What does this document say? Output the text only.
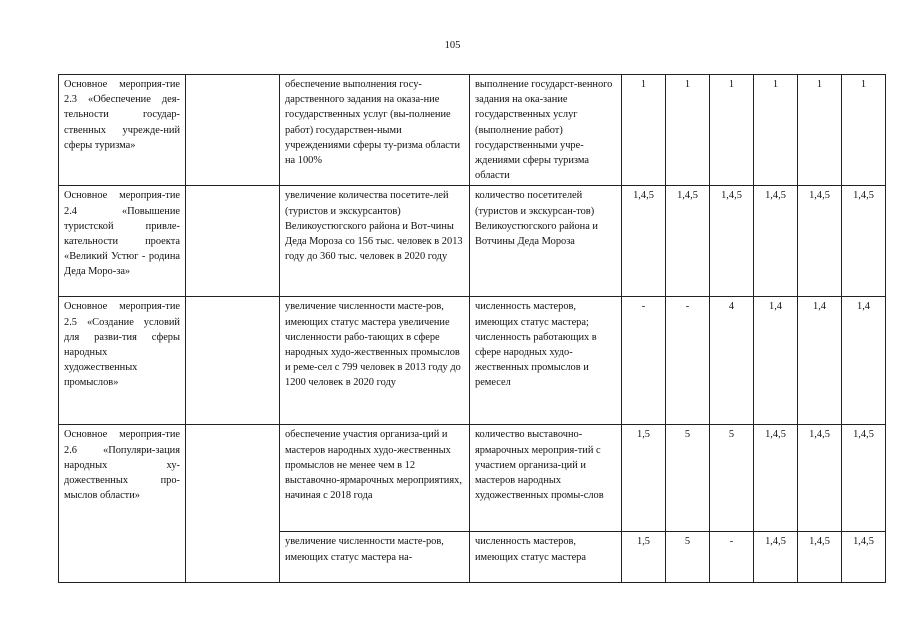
105
Основное мероприя-тие 2.3 «Обеспечение дея-тельности государ-ственных учрежде-ний сферы туризма»		обеспечение выполнения госу-дарственного задания на оказа-ние государственных услуг (вы-полнение работ) государствен-ными учреждениями сферы ту-ризма области на 100%	выполнение государст-венного задания на ока-зание государственных услуг (выполнение работ) государственными учре-ждениями сферы туризма области	1	1	1	1	1	1
Основное мероприя-тие 2.4 «Повышение туристской привле-кательности проекта «Великий Устюг - родина Деда Моро-за»		увеличение количества посетите-лей (туристов и экскурсантов) Великоустюгского района и Вот-чины Деда Мороза со 156 тыс. человек в 2013 году до 360 тыс. человек в 2020 году	количество посетителей (туристов и экскурсан-тов) Великоустюгского района и Вотчины Деда Мороза	1,4,5	1,4,5	1,4,5	1,4,5	1,4,5	1,4,5
Основное мероприя-тие 2.5 «Создание условий для разви-тия сферы народных художественных промыслов»		увеличение численности масте-ров, имеющих статус мастера увеличение численности рабо-тающих в сфере народных худо-жественных промыслов и реме-сел с 799 человек в 2013 году до 1200 человек в 2020 году	численность мастеров, имеющих статус мастера; численность работающих в сфере народных худо-жественных промыслов и ремесел	-	-	4	1,4	1,4	1,4
Основное мероприя-тие 2.6 «Популяри-зация народных ху-дожественных про-мыслов области»		обеспечение участия организа-ций и мастеров народных худо-жественных промыслов не менее чем в 12 выставочно-ярмарочных мероприятиях, начиная с 2018 года	количество выставочно-ярмарочных мероприя-тий с участием организа-ций и мастеров народных художественных промы-слов	1,5	5	5	1,4,5	1,4,5	1,4,5
		увеличение численности мастe-ров, имеющих статус мастера на-	численность мастеров, имеющих статус мастера	1,5	5	-	1,4,5	1,4,5	1,4,5
